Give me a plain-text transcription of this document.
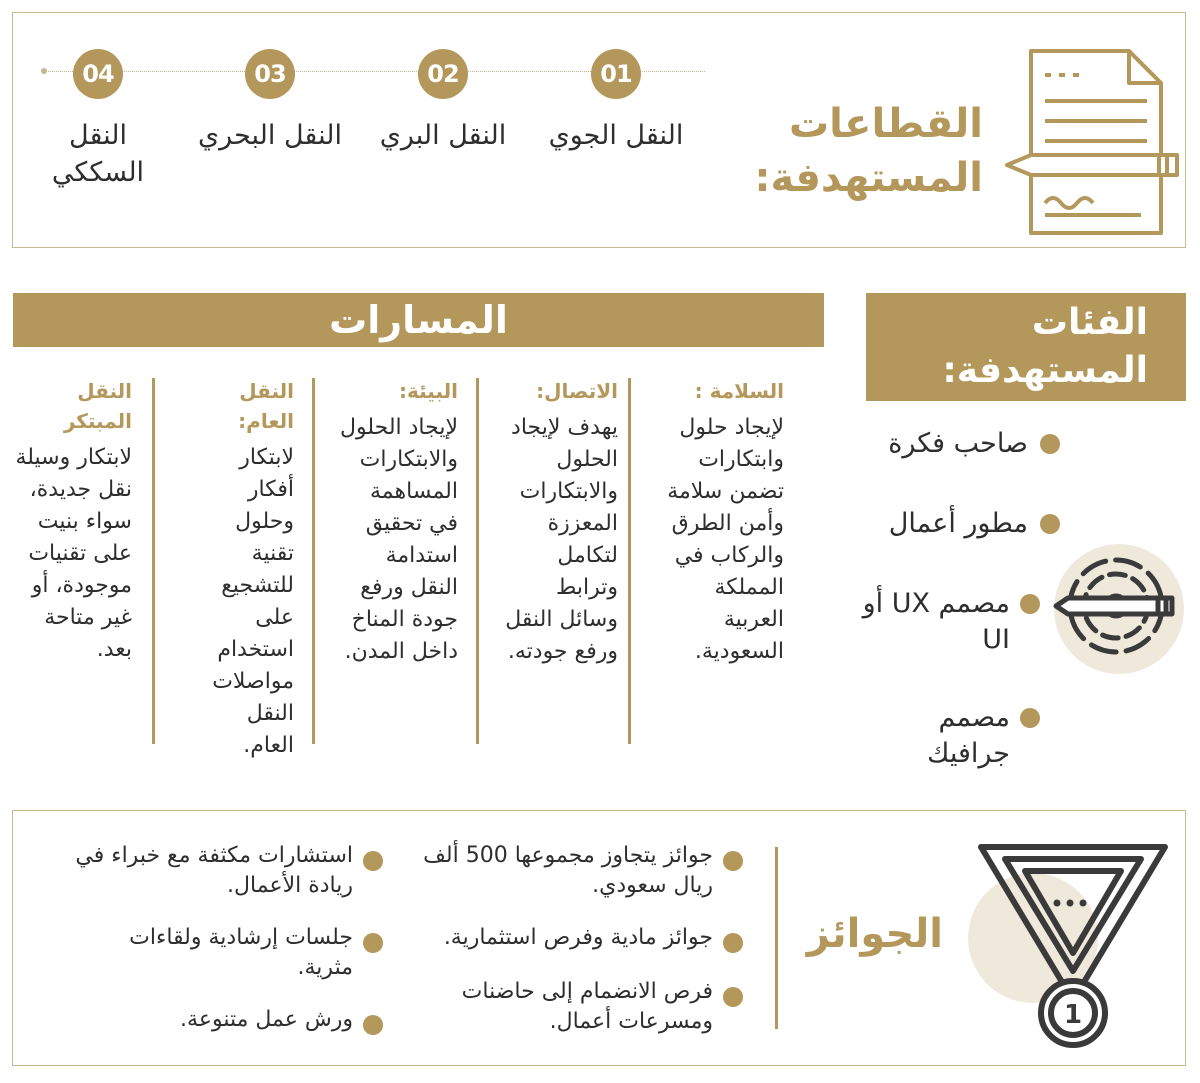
04	03	02	01
النقل السككي
النقل البحري	النقل البري	النقل الجوي	القطاعات المستهدفة:
المسارات
السلامة :
لإيجاد حلول وابتكارات تضمن سلامة وأمن الطرق والركاب في المملكة العربية السعودية.
الاتصال:
يهدف لإيجاد الحلول والابتكارات المعززة لتكامل وترابط وسائل النقل ورفع جودته.
البيئة:
لإيجاد الحلول والابتكارات المساهمة في تحقيق استدامة النقل ورفع جودة المناخ داخل المدن.
النقل العام:
لابتكار أفكار وحلول تقنية للتشجيع على استخدام مواصلات النقل العام.
النقل المبتكر
لابتكار وسيلة نقل جديدة، سواء بنيت على تقنيات موجودة، أو غير متاحة بعد.
الفئات المستهدفة:
صاحب فكرة
مطور أعمال
مصمم UX أو UI
مصمم جرافيك
جوائز يتجاوز مجموعها 500 ألف ريال سعودي.
جوائز مادية وفرص استثمارية.
فرص الانضمام إلى حاضنات ومسرعات أعمال.
استشارات مكثفة مع خبراء في ريادة الأعمال.
جلسات إرشادية ولقاءات مثرية.
ورش عمل متنوعة.
الجوائز
1
